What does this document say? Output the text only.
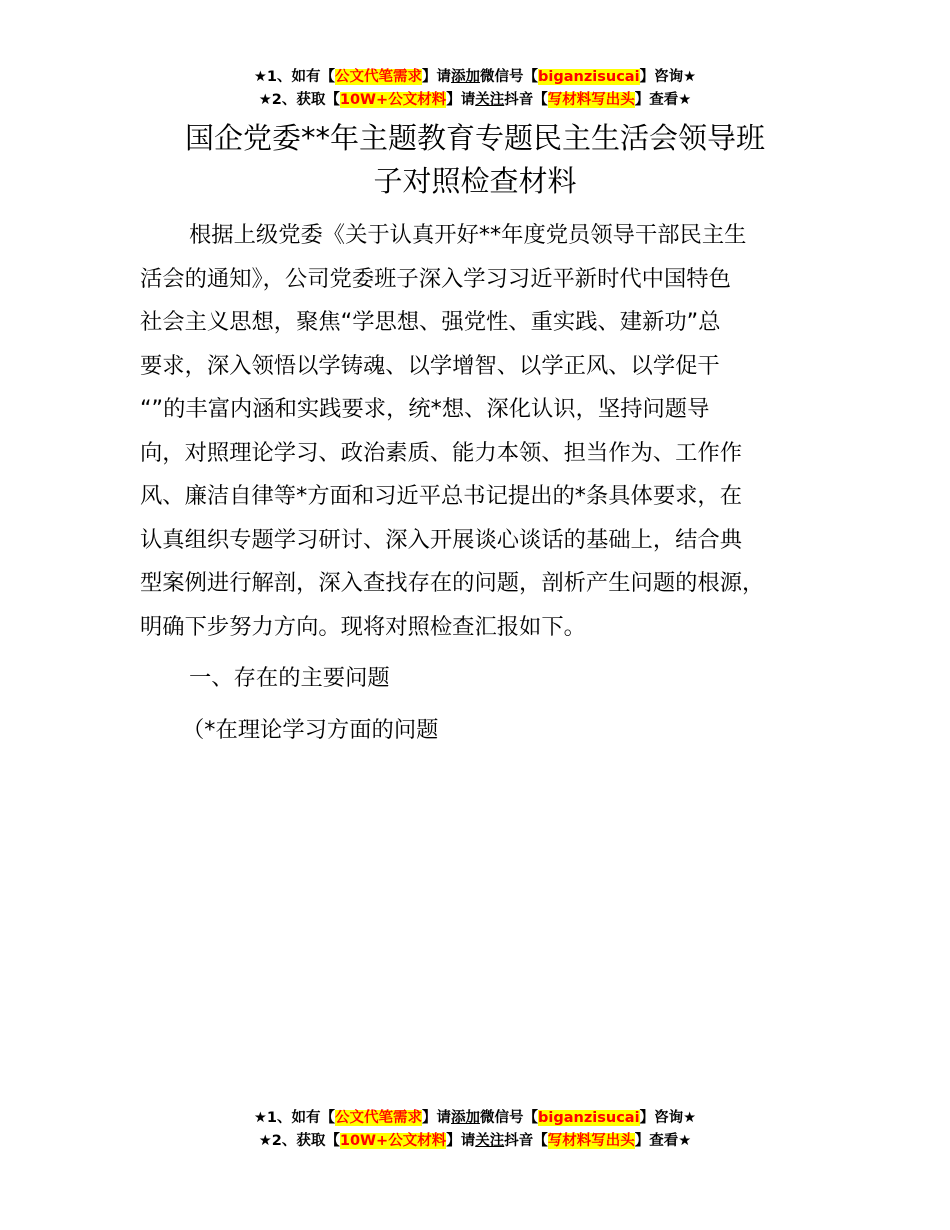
★1、如有【公文代笔需求】请添加微信号【biganzisucai】咨询★
★2、获取【10W+公文材料】请关注抖音【写材料写出头】查看★
国企党委**年主题教育专题民主生活会领导班
子对照检查材料
根据上级党委《关于认真开好**年度党员领导干部民主生
活会的通知》，公司党委班子深入学习习近平新时代中国特色
社会主义思想，聚焦“学思想、强党性、重实践、建新功”总
要求，深入领悟以学铸魂、以学增智、以学正风、以学促干
“”的丰富内涵和实践要求，统*想、深化认识，坚持问题导
向，对照理论学习、政治素质、能力本领、担当作为、工作作
风、廉洁自律等*方面和习近平总书记提出的*条具体要求，在
认真组织专题学习研讨、深入开展谈心谈话的基础上，结合典
型案例进行解剖，深入查找存在的问题，剖析产生问题的根源，
明确下步努力方向。现将对照检查汇报如下。
一、存在的主要问题
（*在理论学习方面的问题
★1、如有【公文代笔需求】请添加微信号【biganzisucai】咨询★
★2、获取【10W+公文材料】请关注抖音【写材料写出头】查看★
